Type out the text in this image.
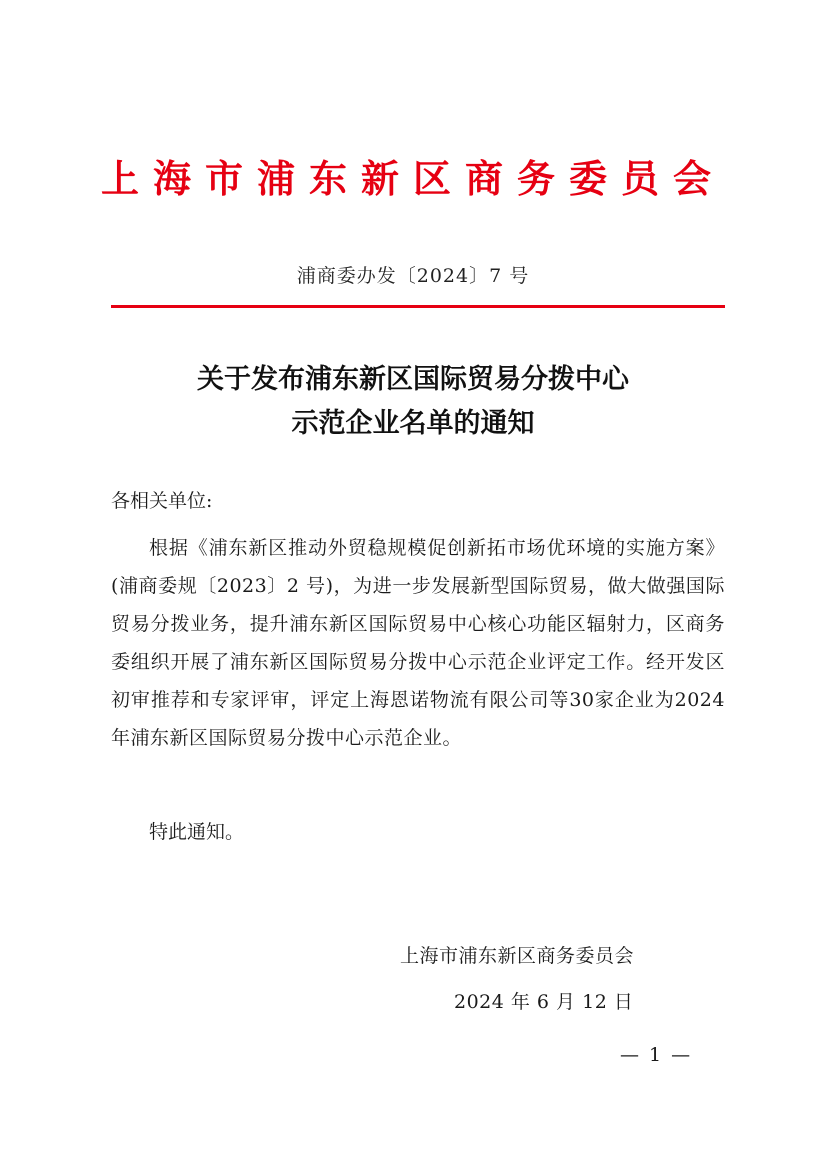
上海市浦东新区商务委员会
浦商委办发〔2024〕7 号
关于发布浦东新区国际贸易分拨中心
示范企业名单的通知
各相关单位:
根据《浦东新区推动外贸稳规模促创新拓市场优环境的实施方案》(浦商委规〔2023〕2 号)，为进一步发展新型国际贸易，做大做强国际贸易分拨业务，提升浦东新区国际贸易中心核心功能区辐射力，区商务委组织开展了浦东新区国际贸易分拨中心示范企业评定工作。经开发区初审推荐和专家评审，评定上海恩诺物流有限公司等30家企业为2024年浦东新区国际贸易分拨中心示范企业。
特此通知。
上海市浦东新区商务委员会
2024 年 6 月 12 日
— 1 —
